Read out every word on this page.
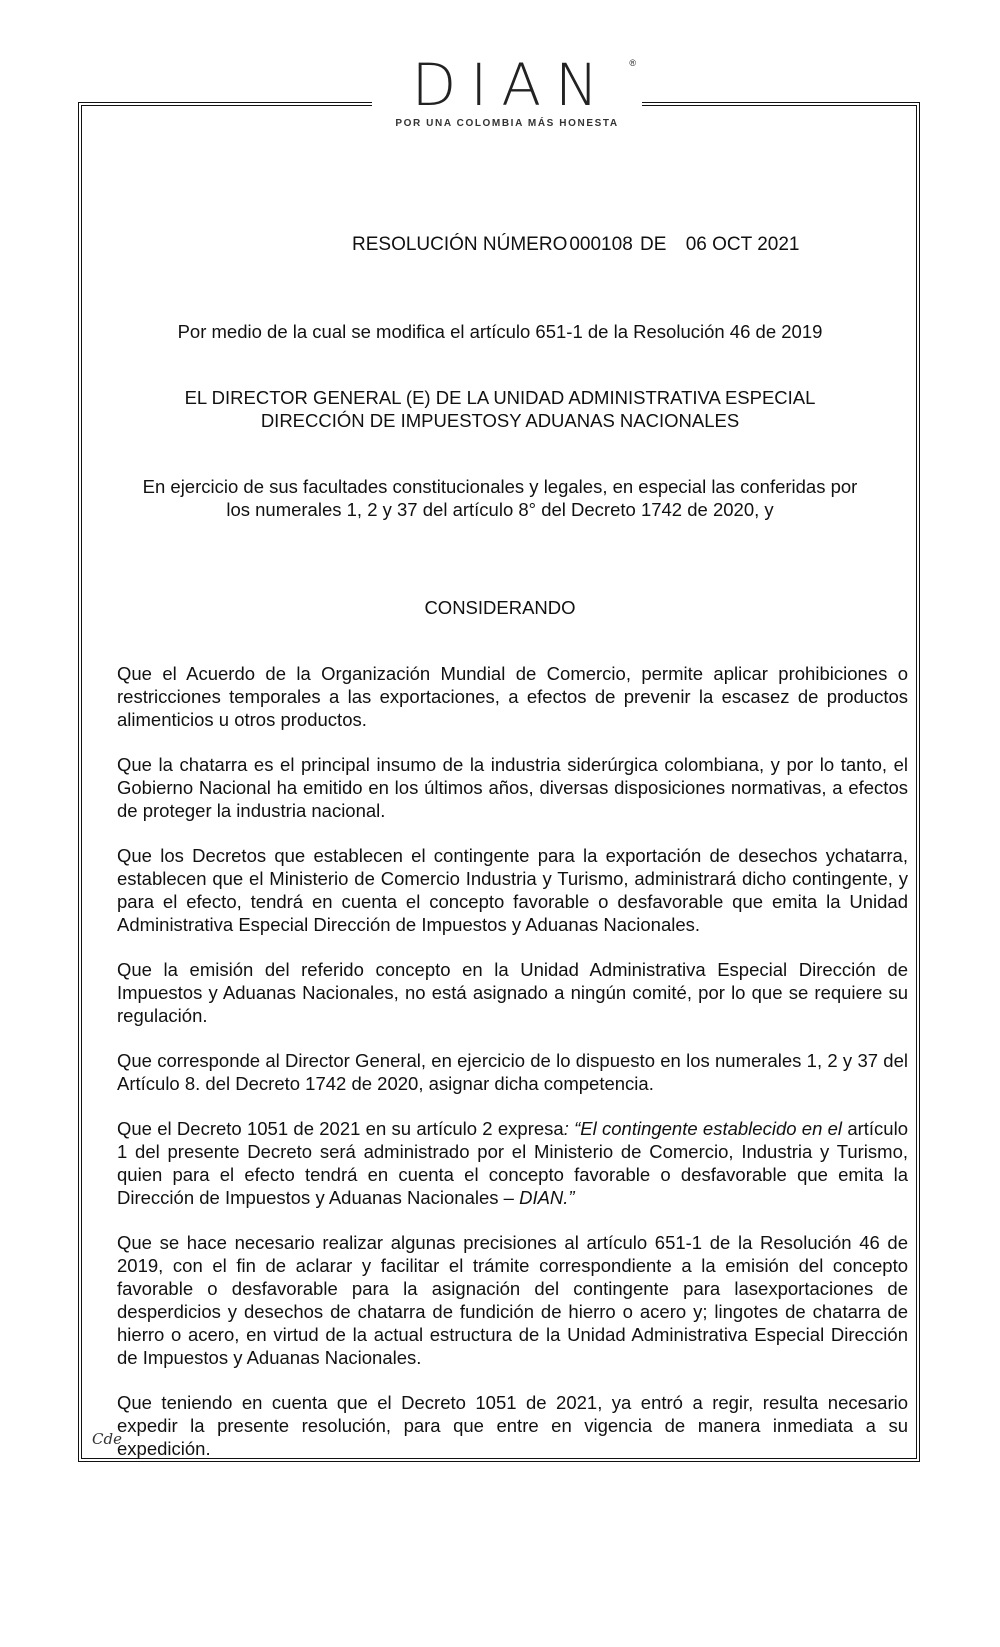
DIAN	®
POR UNA COLOMBIA MÁS HONESTA
RESOLUCIÓN NÚMERO 000108 DE 06 OCT 2021
Por medio de la cual se modifica el artículo 651-1 de la Resolución 46 de 2019
EL DIRECTOR GENERAL (E) DE LA UNIDAD ADMINISTRATIVA ESPECIAL
DIRECCIÓN DE IMPUESTOSY ADUANAS NACIONALES
En ejercicio de sus facultades constitucionales y legales, en especial las conferidas por
los numerales 1, 2 y 37 del artículo 8° del Decreto 1742 de 2020, y
CONSIDERANDO

Que el Acuerdo de la Organización Mundial de Comercio, permite aplicar prohibiciones o restricciones temporales a las exportaciones, a efectos de prevenir la escasez de productos alimenticios u otros productos.

Que la chatarra es el principal insumo de la industria siderúrgica colombiana, y por lo tanto, el Gobierno Nacional ha emitido en los últimos años, diversas disposiciones normativas, a efectos de proteger la industria nacional.

Que los Decretos que establecen el contingente para la exportación de desechos ychatarra, establecen que el Ministerio de Comercio Industria y Turismo, administrará dicho contingente, y para el efecto, tendrá en cuenta el concepto favorable o desfavorable que emita la Unidad Administrativa Especial Dirección de Impuestos y Aduanas Nacionales.

Que la emisión del referido concepto en la Unidad Administrativa Especial Dirección de Impuestos y Aduanas Nacionales, no está asignado a ningún comité, por lo que se requiere su regulación.

Que corresponde al Director General, en ejercicio de lo dispuesto en los numerales 1, 2 y 37 del Artículo 8. del Decreto 1742 de 2020, asignar dicha competencia.

Que el Decreto 1051 de 2021 en su artículo 2 expresa: “El contingente establecido en el artículo 1 del presente Decreto será administrado por el Ministerio de Comercio, Industria y Turismo, quien para el efecto tendrá en cuenta el concepto favorable o desfavorable que emita la Dirección de Impuestos y Aduanas Nacionales – DIAN.”

Que se hace necesario realizar algunas precisiones al artículo 651-1 de la Resolución 46 de 2019, con el fin de aclarar y facilitar el trámite correspondiente a la emisión del concepto favorable o desfavorable para la asignación del contingente para lasexportaciones de desperdicios y desechos de chatarra de fundición de hierro o acero y; lingotes de chatarra de hierro o acero, en virtud de la actual estructura de la Unidad Administrativa Especial Dirección de Impuestos y Aduanas Nacionales.

Que teniendo en cuenta que el Decreto 1051 de 2021, ya entró a regir, resulta necesario expedir la presente resolución, para que entre en vigencia de manera inmediata a su expedición.

Cde
